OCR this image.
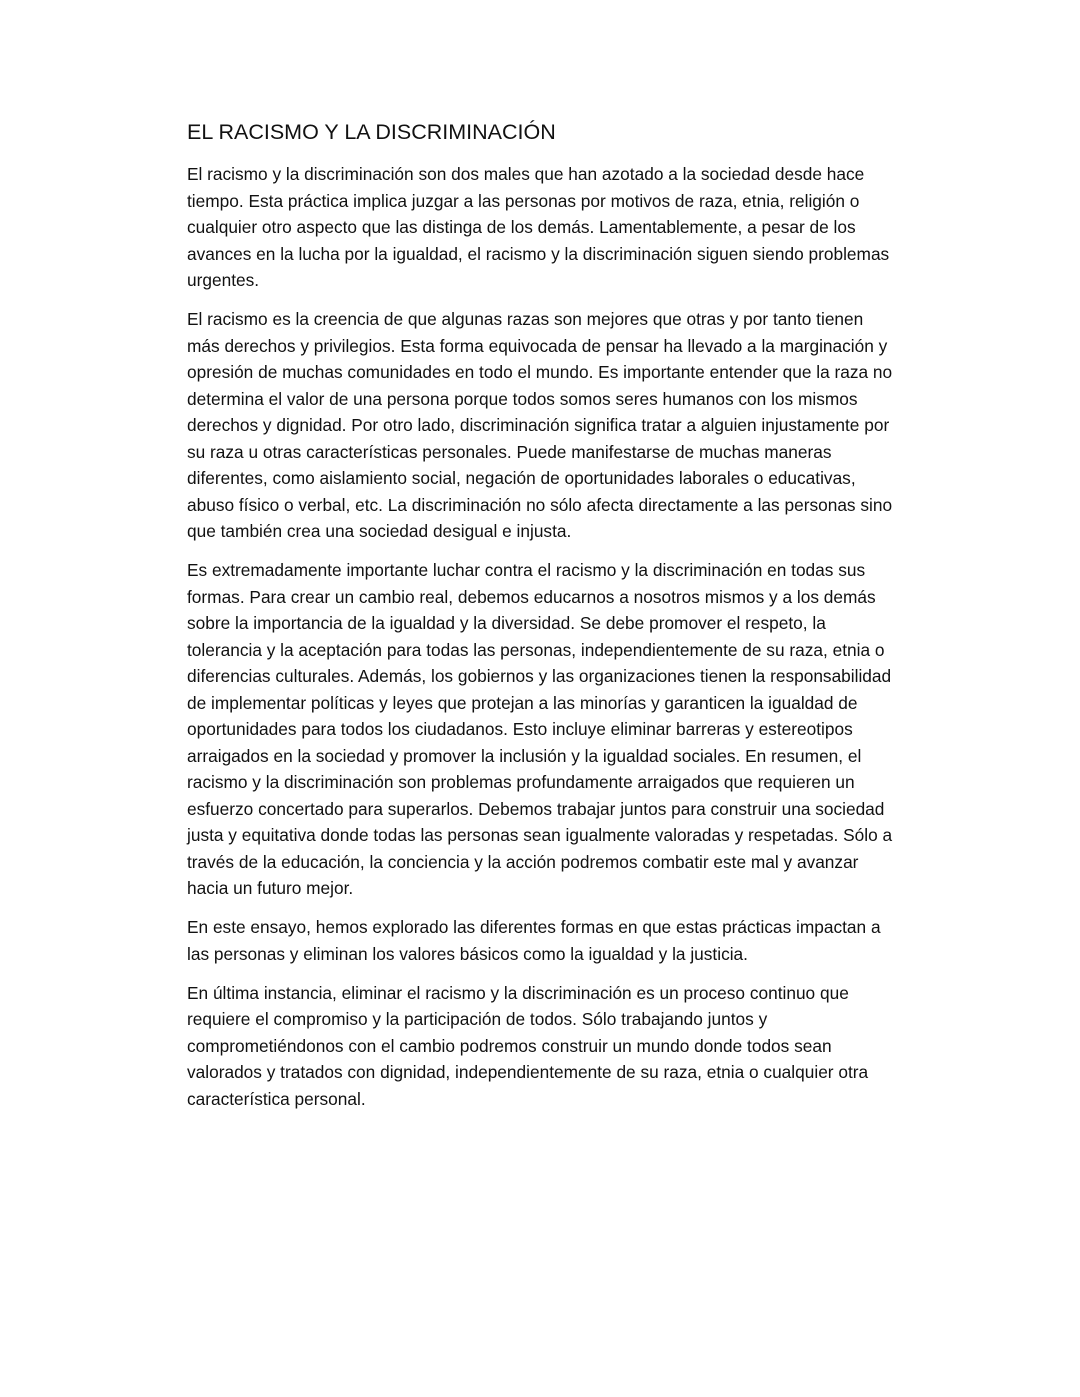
EL RACISMO Y LA DISCRIMINACIÓN

El racismo y la discriminación son dos males que han azotado a la sociedad desde hace tiempo. Esta práctica implica juzgar a las personas por motivos de raza, etnia, religión o cualquier otro aspecto que las distinga de los demás. Lamentablemente, a pesar de los avances en la lucha por la igualdad, el racismo y la discriminación siguen siendo problemas urgentes.

El racismo es la creencia de que algunas razas son mejores que otras y por tanto tienen más derechos y privilegios. Esta forma equivocada de pensar ha llevado a la marginación y opresión de muchas comunidades en todo el mundo. Es importante entender que la raza no determina el valor de una persona porque todos somos seres humanos con los mismos derechos y dignidad. Por otro lado, discriminación significa tratar a alguien injustamente por su raza u otras características personales. Puede manifestarse de muchas maneras diferentes, como aislamiento social, negación de oportunidades laborales o educativas, abuso físico o verbal, etc. La discriminación no sólo afecta directamente a las personas sino que también crea una sociedad desigual e injusta.

Es extremadamente importante luchar contra el racismo y la discriminación en todas sus formas. Para crear un cambio real, debemos educarnos a nosotros mismos y a los demás sobre la importancia de la igualdad y la diversidad. Se debe promover el respeto, la tolerancia y la aceptación para todas las personas, independientemente de su raza, etnia o diferencias culturales. Además, los gobiernos y las organizaciones tienen la responsabilidad de implementar políticas y leyes que protejan a las minorías y garanticen la igualdad de oportunidades para todos los ciudadanos. Esto incluye eliminar barreras y estereotipos arraigados en la sociedad y promover la inclusión y la igualdad sociales. En resumen, el racismo y la discriminación son problemas profundamente arraigados que requieren un esfuerzo concertado para superarlos. Debemos trabajar juntos para construir una sociedad justa y equitativa donde todas las personas sean igualmente valoradas y respetadas. Sólo a través de la educación, la conciencia y la acción podremos combatir este mal y avanzar hacia un futuro mejor.

En este ensayo, hemos explorado las diferentes formas en que estas prácticas impactan a las personas y eliminan los valores básicos como la igualdad y la justicia.

En última instancia, eliminar el racismo y la discriminación es un proceso continuo que requiere el compromiso y la participación de todos. Sólo trabajando juntos y comprometiéndonos con el cambio podremos construir un mundo donde todos sean valorados y tratados con dignidad, independientemente de su raza, etnia o cualquier otra característica personal.
